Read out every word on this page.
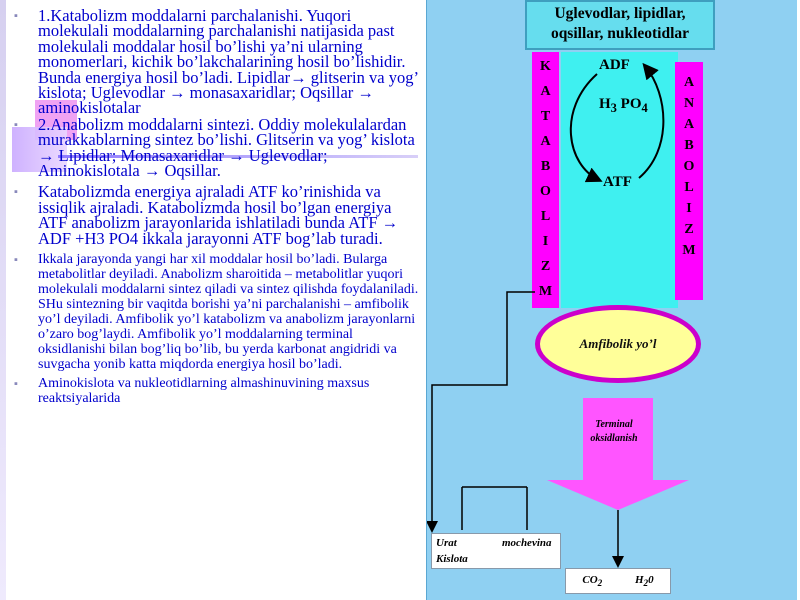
▪ 1.Katabolizm moddalarni parchalanishi. Yuqori molekulali moddalarning parchalanishi natijasida past molekulali moddalar hosil bo’lishi ya’ni ularning monomerlari, kichik bo’lakchalarining hosil bo’lishidir. Bunda energiya hosil bo’ladi. Lipidlar→ glitserin va yog’ kislota; Uglevodlar → monasaxaridlar; Oqsillar → aminokislotalar

▪ 2.Anabolizm moddalarni sintezi. Oddiy molekulalardan murakkablarning sintez bo’lishi. Glitserin va yog’ kislota → Lipidlar; Monasaxaridlar → Uglevodlar; Aminokislotala → Oqsillar.

▪ Katabolizmda energiya ajraladi ATF ko’rinishida va issiqlik ajraladi. Katabolizmda hosil bo’lgan energiya ATF anabolizm jarayonlarida ishlatiladi bunda ATF → ADF +H3 PO4 ikkala jarayonni ATF bog’lab turadi.

▪ Ikkala jarayonda yangi har xil moddalar hosil bo’ladi. Bularga metabolitlar deyiladi. Anabolizm sharoitida – metabolitlar yuqori molekulali moddalarni sintez qiladi va sintez qilishda foydalaniladi. SHu sintezning bir vaqitda borishi ya’ni parchalanishi – amfibolik yo’l deyiladi. Amfibolik yo’l katabolizm va anabolizm jarayonlarni o’zaro bog’laydi. Amfibolik yo’l moddalarning terminal oksidlanishi bilan bog’liq bo’lib, bu yerda karbonat angidridi va suvgacha yonib katta miqdorda energiya hosil bo’ladi.

▪ Aminokislota va nukleotidlarning almashinuvining maxsus reaktsiyalarida

Uglevodlar, lipidlar,
oqsillar, nukleotidlar
K
A
T
A
B
O
L
I
Z
M
A
N
A
B
O
L
I
Z
M
ADF
$H_3$ $PO_4$
ATF
Amfibolik yo’l
Terminal
oksidlanish
Urat	mochevina
Kislota
$CO_2$	$H_20$
